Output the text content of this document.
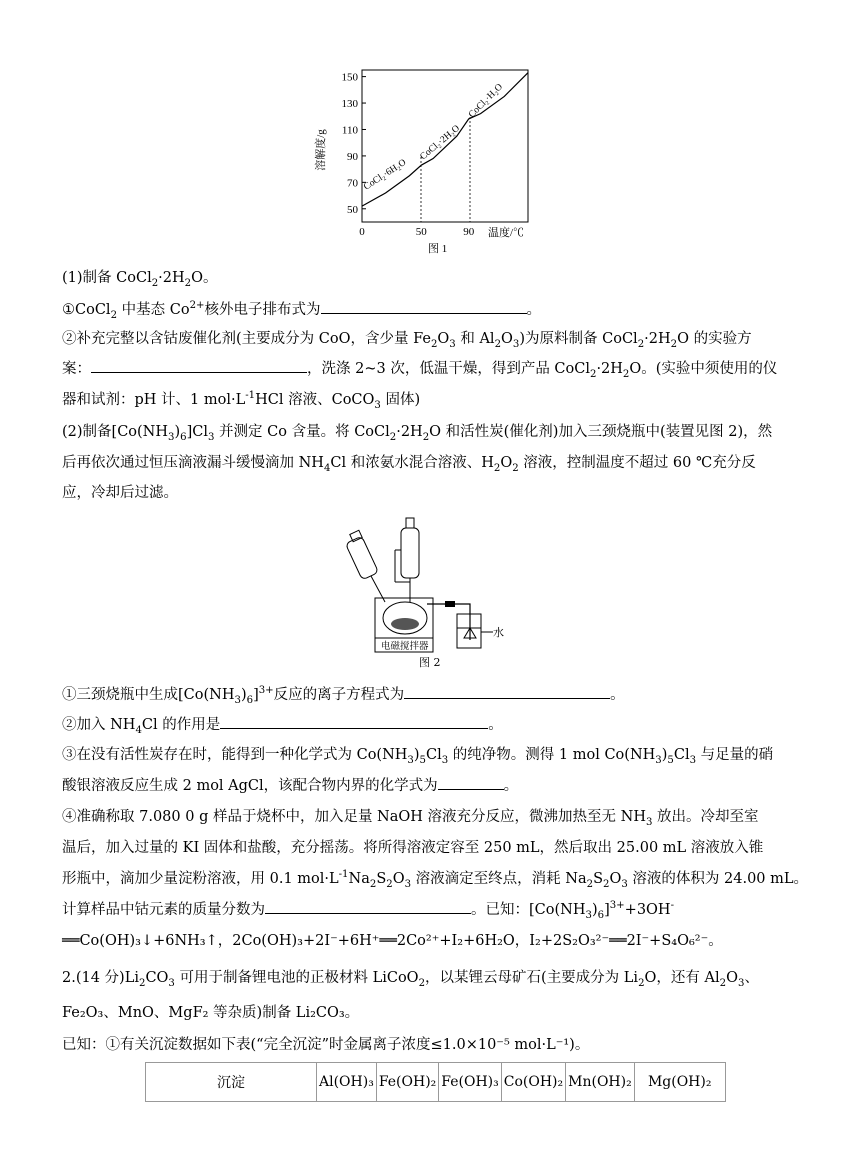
150
130
110
90
70
50
0	50	90
CoCl₂·6H₂O
CoCl₂·2H₂O
CoCl₂·H₂O
溶解度/g
温度/℃
图 1
(1)制备 $CoCl_2\cdot 2H_2O$。
①CoCl$_2$ 中基态 $Co^{2+}$核外电子排布式为	。
②补充完整以含钴废催化剂(主要成分为 CoO，含少量 $Fe_2O_3$ 和 $Al_2O_3$)为原料制备 $CoCl_2\cdot 2H_2O$ 的实验方
案：	，洗涤 2~3 次，低温干燥，得到产品 $CoCl_2\cdot 2H_2O$。(实验中须使用的仪
器和试剂：pH 计、1 $mol\cdot L^{-1}HCl$ 溶液、CoCO$_3$ 固体)
(2)制备$[Co(NH_3)_6]Cl_3$ 并测定 Co 含量。将 $CoCl_2\cdot 2H_2O$ 和活性炭(催化剂)加入三颈烧瓶中(装置见图 2)，然
后再依次通过恒压滴液漏斗缓慢滴加 $NH_4Cl$ 和浓氨水混合溶液、$H_2O_2$ 溶液，控制温度不超过 60 ℃充分反
应，冷却后过滤。
电磁搅拌器
水
图 2
①三颈烧瓶中生成$[Co(NH_3)_6]^{3+}$反应的离子方程式为	。
②加入 $NH_4Cl$ 的作用是	。
③在没有活性炭存在时，能得到一种化学式为 $Co(NH_3)_5Cl_3$ 的纯净物。测得 1 mol $Co(NH_3)_5Cl_3$ 与足量的硝
酸银溶液反应生成 2 mol AgCl，该配合物内界的化学式为	。
④准确称取 7.080 0 g 样品于烧杯中，加入足量 NaOH 溶液充分反应，微沸加热至无 $NH_3$ 放出。冷却至室
温后，加入过量的 KI 固体和盐酸，充分摇荡。将所得溶液定容至 250 mL，然后取出 25.00 mL 溶液放入锥
形瓶中，滴加少量淀粉溶液，用 0.1 $mol\cdot L^{-1}Na_2S_2O_3$ 溶液滴定至终点，消耗 $Na_2S_2O_3$ 溶液的体积为 24.00 mL。
计算样品中钴元素的质量分数为	。已知：$[Co(NH_3)_6]^{3+}+3OH^-$
══Co(OH)₃↓+6NH₃↑，2Co(OH)₃+2I⁻+6H⁺══2Co²⁺+I₂+6H₂O，I₂+2S₂O₃²⁻══2I⁻+S₄O₆²⁻。
2.(14 分)$Li_2CO_3$ 可用于制备锂电池的正极材料 LiCoO$_2$，以某锂云母矿石(主要成分为 $Li_2O$，还有 $Al_2O_3$、
Fe₂O₃、MnO、MgF₂ 等杂质)制备 Li₂CO₃。
已知：①有关沉淀数据如下表(“完全沉淀”时金属离子浓度≤1.0×10⁻⁵ mol·L⁻¹)。
沉淀	Al(OH)₃	Fe(OH)₂	Fe(OH)₃	Co(OH)₂	Mn(OH)₂	Mg(OH)₂
